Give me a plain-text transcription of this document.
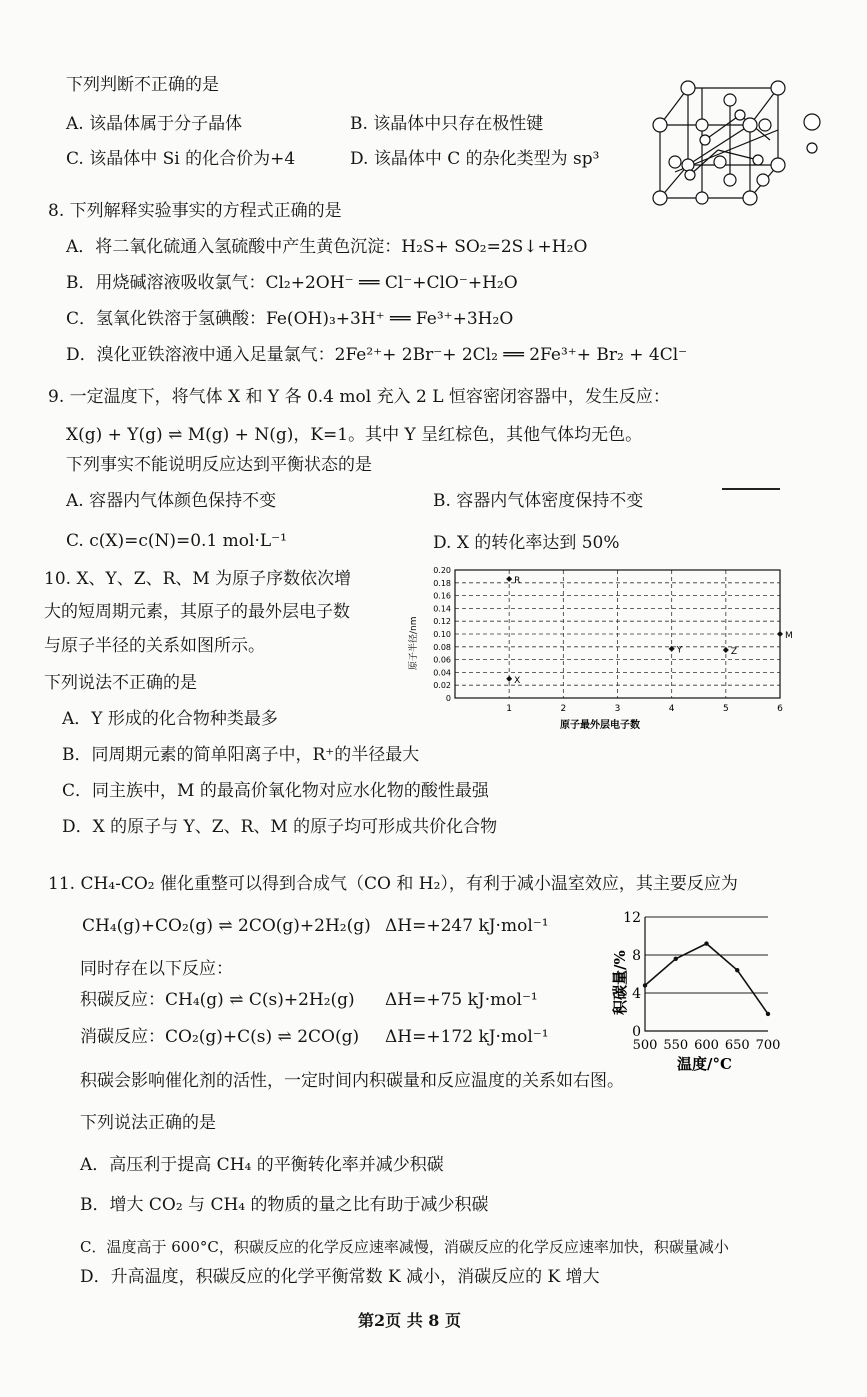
下列判断不正确的是
A. 该晶体属于分子晶体	B. 该晶体中只存在极性键
C. 该晶体中 Si 的化合价为+4	D. 该晶体中 C 的杂化类型为 sp³
8. 下列解释实验事实的方程式正确的是
A．将二氧化硫通入氢硫酸中产生黄色沉淀：H₂S+ SO₂=2S↓+H₂O
B．用烧碱溶液吸收氯气：Cl₂+2OH⁻ ══ Cl⁻+ClO⁻+H₂O
C．氢氧化铁溶于氢碘酸：Fe(OH)₃+3H⁺ ══ Fe³⁺+3H₂O
D．溴化亚铁溶液中通入足量氯气：2Fe²⁺+ 2Br⁻+ 2Cl₂ ══ 2Fe³⁺+ Br₂ + 4Cl⁻
9. 一定温度下，将气体 X 和 Y 各 0.4 mol 充入 2 L 恒容密闭容器中，发生反应：
X(g) + Y(g) ⇌ M(g) + N(g)，K=1。其中 Y 呈红棕色，其他气体均无色。
下列事实不能说明反应达到平衡状态的是
A. 容器内气体颜色保持不变	B. 容器内气体密度保持不变
C. c(X)=c(N)=0.1 mol·L⁻¹	D. X 的转化率达到 50%
10. X、Y、Z、R、M 为原子序数依次增
大的短周期元素，其原子的最外层电子数
与原子半径的关系如图所示。
下列说法不正确的是
A．Y 形成的化合物种类最多
B．同周期元素的简单阳离子中，R⁺的半径最大
C．同主族中，M 的最高价氧化物对应水化物的酸性最强
D．X 的原子与 Y、Z、R、M 的原子均可形成共价化合物
0
0.02
0.04
0.06
0.08
0.10
0.12
0.14
0.16
0.18
0.20
1	2	3	4	5	6
X
R
Y	Z
M
原子半径/nm
原子最外层电子数
11. CH₄-CO₂ 催化重整可以得到合成气（CO 和 H₂），有利于减小温室效应，其主要反应为
CH₄(g)+CO₂(g) ⇌ 2CO(g)+2H₂(g) ΔH=+247 kJ·mol⁻¹
同时存在以下反应：
积碳反应：CH₄(g) ⇌ C(s)+2H₂(g) ΔH=+75 kJ·mol⁻¹
消碳反应：CO₂(g)+C(s) ⇌ 2CO(g) ΔH=+172 kJ·mol⁻¹
积碳会影响催化剂的活性，一定时间内积碳量和反应温度的关系如右图。
下列说法正确的是
A．高压利于提高 CH₄ 的平衡转化率并减少积碳
B．增大 CO₂ 与 CH₄ 的物质的量之比有助于减少积碳
C．温度高于 600°C，积碳反应的化学反应速率减慢，消碳反应的化学反应速率加快，积碳量减小
D．升高温度，积碳反应的化学平衡常数 K 减小，消碳反应的 K 增大
0
4
8
12
500 550 600 650 700
积碳量/%
温度/°C
第2页 共 8 页
